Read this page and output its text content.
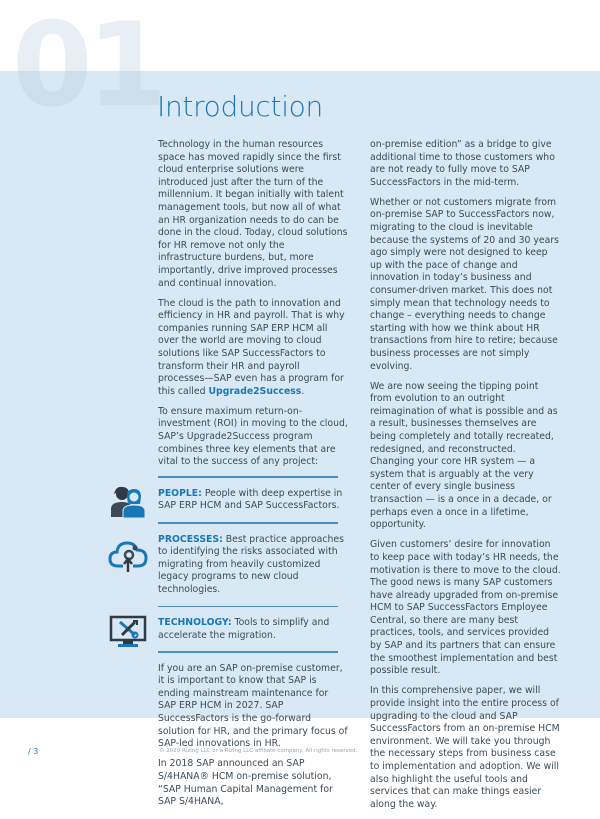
01
Introduction

Technology in the human resources space has moved rapidly since the first cloud enterprise solutions were introduced just after the turn of the millennium. It began initially with talent management tools, but now all of what an HR organization needs to do can be done in the cloud. Today, cloud solutions for HR remove not only the infrastructure burdens, but, more importantly, drive improved processes and continual innovation.

The cloud is the path to innovation and efficiency in HR and payroll. That is why companies running SAP ERP HCM all over the world are moving to cloud solutions like SAP SuccessFactors to transform their HR and payroll processes—SAP even has a program for this called Upgrade2Success.

To ensure maximum return-on-investment (ROI) in moving to the cloud, SAP’s Upgrade2Success program combines three key elements that are vital to the success of any project:

PEOPLE: People with deep expertise in SAP ERP HCM and SAP SuccessFactors.
PROCESSES: Best practice approaches to identifying the risks associated with migrating from heavily customized legacy programs to new cloud technologies.
TECHNOLOGY: Tools to simplify and accelerate the migration.

If you are an SAP on-premise customer, it is important to know that SAP is ending mainstream maintenance for SAP ERP HCM in 2027. SAP SuccessFactors is the go-forward solution for HR, and the primary focus of SAP-led innovations in HR.

In 2018 SAP announced an SAP S/4HANA® HCM on-premise solution, “SAP Human Capital Management for SAP S/4HANA,

on-premise edition” as a bridge to give additional time to those customers who are not ready to fully move to SAP SuccessFactors in the mid-term.

Whether or not customers migrate from on-premise SAP to SuccessFactors now, migrating to the cloud is inevitable because the systems of 20 and 30 years ago simply were not designed to keep up with the pace of change and innovation in today’s business and consumer-driven market. This does not simply mean that technology needs to change – everything needs to change starting with how we think about HR transactions from hire to retire; because business processes are not simply evolving.

We are now seeing the tipping point from evolution to an outright reimagination of what is possible and as a result, businesses themselves are being completely and totally recreated, redesigned, and reconstructed. Changing your core HR system — a system that is arguably at the very center of every single business transaction — is a once in a decade, or perhaps even a once in a lifetime, opportunity.

Given customers’ desire for innovation to keep pace with today’s HR needs, the motivation is there to move to the cloud. The good news is many SAP customers have already upgraded from on-premise HCM to SAP SuccessFactors Employee Central, so there are many best practices, tools, and services provided by SAP and its partners that can ensure the smoothest implementation and best possible result.

In this comprehensive paper, we will provide insight into the entire process of upgrading to the cloud and SAP SuccessFactors from an on-premise HCM environment. We will take you through the necessary steps from business case to implementation and adoption. We will also highlight the useful tools and services that can make things easier along the way.

/ 3	© 2020 Rizing LLC or a Rizing LLC affiliate company. All rights reserved.
